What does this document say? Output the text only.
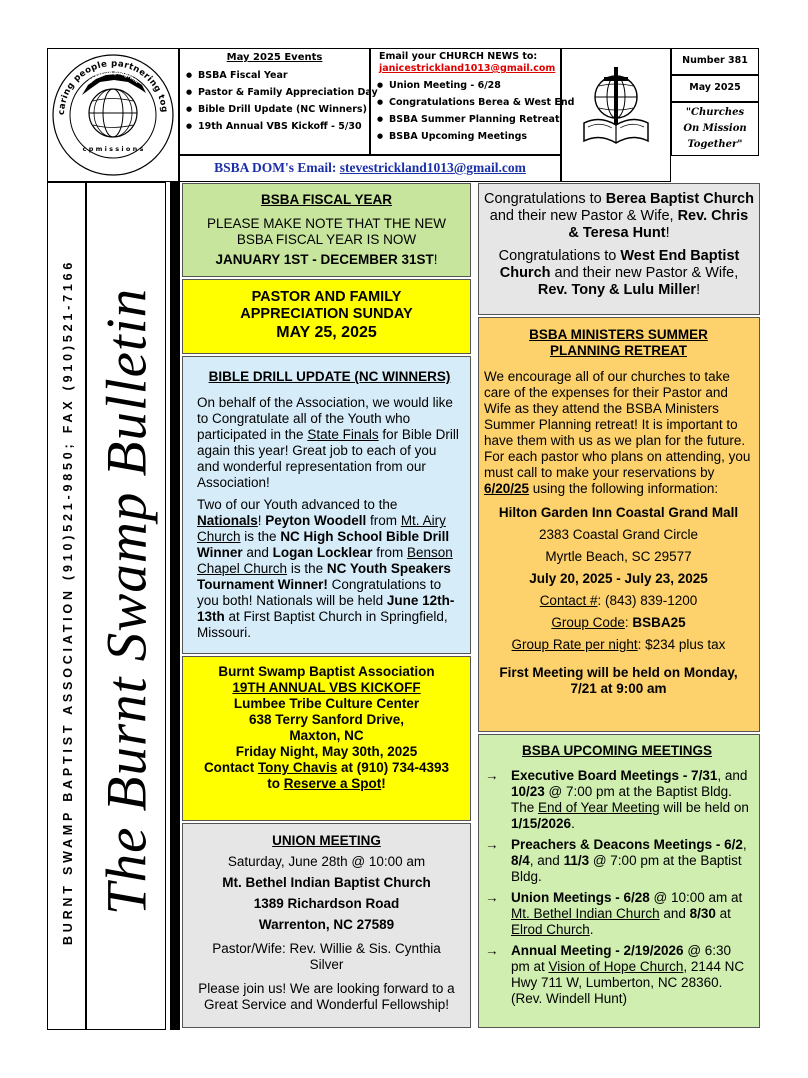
caring people partnering tog
the cooperative program
c p m i s s i o n s
May 2025 Events
● BSBA Fiscal Year
● Pastor & Family Appreciation Day
● Bible Drill Update (NC Winners)
● 19th Annual VBS Kickoff - 5/30
Email your CHURCH NEWS to:
janicestrickland1013@gmail.com
● Union Meeting - 6/28
● Congratulations Berea & West End
● BSBA Summer Planning Retreat
● BSBA Upcoming Meetings
BSBA DOM's Email: stevestrickland1013@gmail.com
Number 381
May 2025
"Churches
On Mission
Together"
BURNT SWAMP BAPTIST ASSOCIATION (910)521-9850; FAX (910)521-7166 The Burnt Swamp Bulletin
BSBA FISCAL YEAR
PLEASE MAKE NOTE THAT THE NEW BSBA FISCAL YEAR IS NOW
JANUARY 1ST - DECEMBER 31ST!
PASTOR AND FAMILY
APPRECIATION SUNDAY
MAY 25, 2025
BIBLE DRILL UPDATE (NC WINNERS)
On behalf of the Association, we would like to Congratulate all of the Youth who participated in the State Finals for Bible Drill again this year! Great job to each of you and wonderful representation from our Association!
Two of our Youth advanced to the Nationals! Peyton Woodell from Mt. Airy Church is the NC High School Bible Drill Winner and Logan Locklear from Benson Chapel Church is the NC Youth Speakers Tournament Winner! Congratulations to you both! Nationals will be held June 12th-13th at First Baptist Church in Springfield, Missouri.
Burnt Swamp Baptist Association
19TH ANNUAL VBS KICKOFF
Lumbee Tribe Culture Center
638 Terry Sanford Drive,
Maxton, NC
Friday Night, May 30th, 2025
Contact Tony Chavis at (910) 734-4393 to Reserve a Spot!
UNION MEETING
Saturday, June 28th @ 10:00 am
Mt. Bethel Indian Baptist Church
1389 Richardson Road
Warrenton, NC 27589
Pastor/Wife: Rev. Willie & Sis. Cynthia Silver
Please join us! We are looking forward to a Great Service and Wonderful Fellowship!
Congratulations to Berea Baptist Church and their new Pastor & Wife, Rev. Chris & Teresa Hunt!
Congratulations to West End Baptist Church and their new Pastor & Wife, Rev. Tony & Lulu Miller!
BSBA MINISTERS SUMMER
PLANNING RETREAT
We encourage all of our churches to take care of the expenses for their Pastor and Wife as they attend the BSBA Ministers Summer Planning retreat! It is important to have them with us as we plan for the future. For each pastor who plans on attending, you must call to make your reservations by 6/20/25 using the following information:
Hilton Garden Inn Coastal Grand Mall
2383 Coastal Grand Circle
Myrtle Beach, SC 29577
July 20, 2025 - July 23, 2025
Contact #: (843) 839-1200
Group Code: BSBA25
Group Rate per night: $234 plus tax
First Meeting will be held on Monday, 7/21 at 9:00 am
BSBA UPCOMING MEETINGS
→ Executive Board Meetings - 7/31, and 10/23 @ 7:00 pm at the Baptist Bldg. The End of Year Meeting will be held on 1/15/2026.
→ Preachers & Deacons Meetings - 6/2, 8/4, and 11/3 @ 7:00 pm at the Baptist Bldg.
→ Union Meetings - 6/28 @ 10:00 am at Mt. Bethel Indian Church and 8/30 at Elrod Church.
→ Annual Meeting - 2/19/2026 @ 6:30 pm at Vision of Hope Church, 2144 NC Hwy 711 W, Lumberton, NC 28360. (Rev. Windell Hunt)
